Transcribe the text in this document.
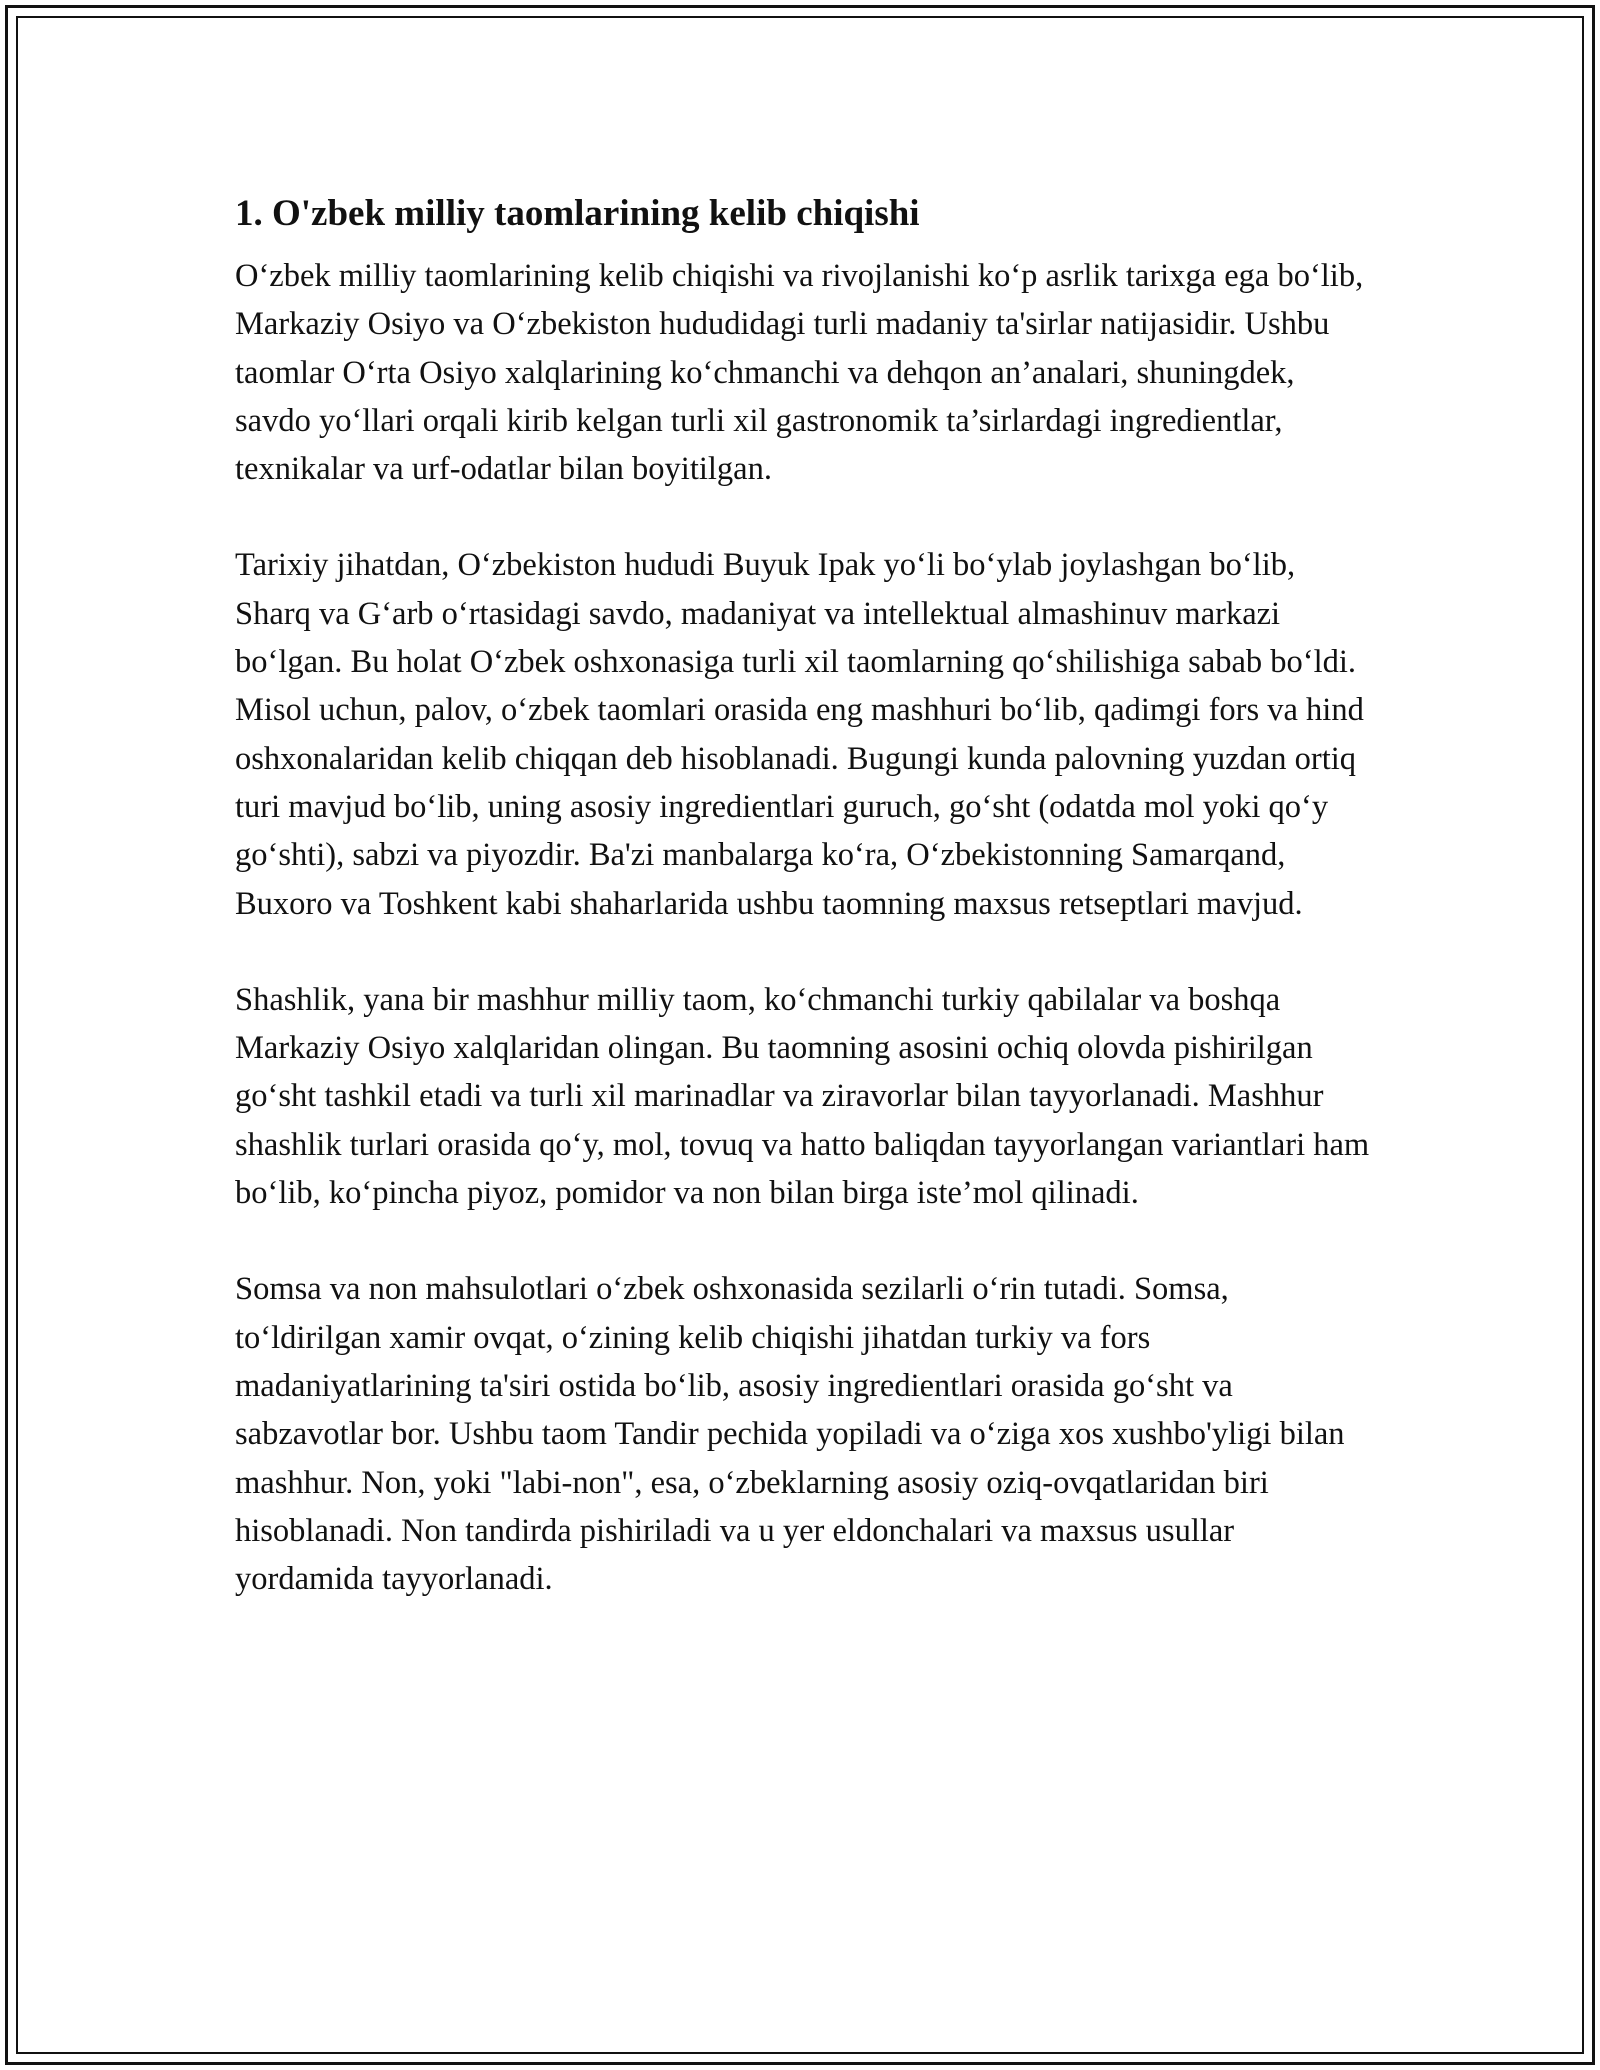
1. O'zbek milliy taomlarining kelib chiqishi

O‘zbek milliy taomlarining kelib chiqishi va rivojlanishi ko‘p asrlik tarixga ega bo‘lib, Markaziy Osiyo va O‘zbekiston hududidagi turli madaniy ta'sirlar natijasidir. Ushbu taomlar O‘rta Osiyo xalqlarining ko‘chmanchi va dehqon an’analari, shuningdek, savdo yo‘llari orqali kirib kelgan turli xil gastronomik ta’sirlardagi ingredientlar, texnikalar va urf-odatlar bilan boyitilgan.

Tarixiy jihatdan, O‘zbekiston hududi Buyuk Ipak yo‘li bo‘ylab joylashgan bo‘lib, Sharq va G‘arb o‘rtasidagi savdo, madaniyat va intellektual almashinuv markazi bo‘lgan. Bu holat O‘zbek oshxonasiga turli xil taomlarning qo‘shilishiga sabab bo‘ldi. Misol uchun, palov, o‘zbek taomlari orasida eng mashhuri bo‘lib, qadimgi fors va hind oshxonalaridan kelib chiqqan deb hisoblanadi. Bugungi kunda palovning yuzdan ortiq turi mavjud bo‘lib, uning asosiy ingredientlari guruch, go‘sht (odatda mol yoki qo‘y go‘shti), sabzi va piyozdir. Ba'zi manbalarga ko‘ra, O‘zbekistonning Samarqand, Buxoro va Toshkent kabi shaharlarida ushbu taomning maxsus retseptlari mavjud.

Shashlik, yana bir mashhur milliy taom, ko‘chmanchi turkiy qabilalar va boshqa Markaziy Osiyo xalqlaridan olingan. Bu taomning asosini ochiq olovda pishirilgan go‘sht tashkil etadi va turli xil marinadlar va ziravorlar bilan tayyorlanadi. Mashhur shashlik turlari orasida qo‘y, mol, tovuq va hatto baliqdan tayyorlangan variantlari ham bo‘lib, ko‘pincha piyoz, pomidor va non bilan birga iste’mol qilinadi.

Somsa va non mahsulotlari o‘zbek oshxonasida sezilarli o‘rin tutadi. Somsa, to‘ldirilgan xamir ovqat, o‘zining kelib chiqishi jihatdan turkiy va fors madaniyatlarining ta'siri ostida bo‘lib, asosiy ingredientlari orasida go‘sht va sabzavotlar bor. Ushbu taom Tandir pechida yopiladi va o‘ziga xos xushbo'yligi bilan mashhur. Non, yoki "labi-non", esa, o‘zbeklarning asosiy oziq-ovqatlaridan biri hisoblanadi. Non tandirda pishiriladi va u yer eldonchalari va maxsus usullar yordamida tayyorlanadi.
